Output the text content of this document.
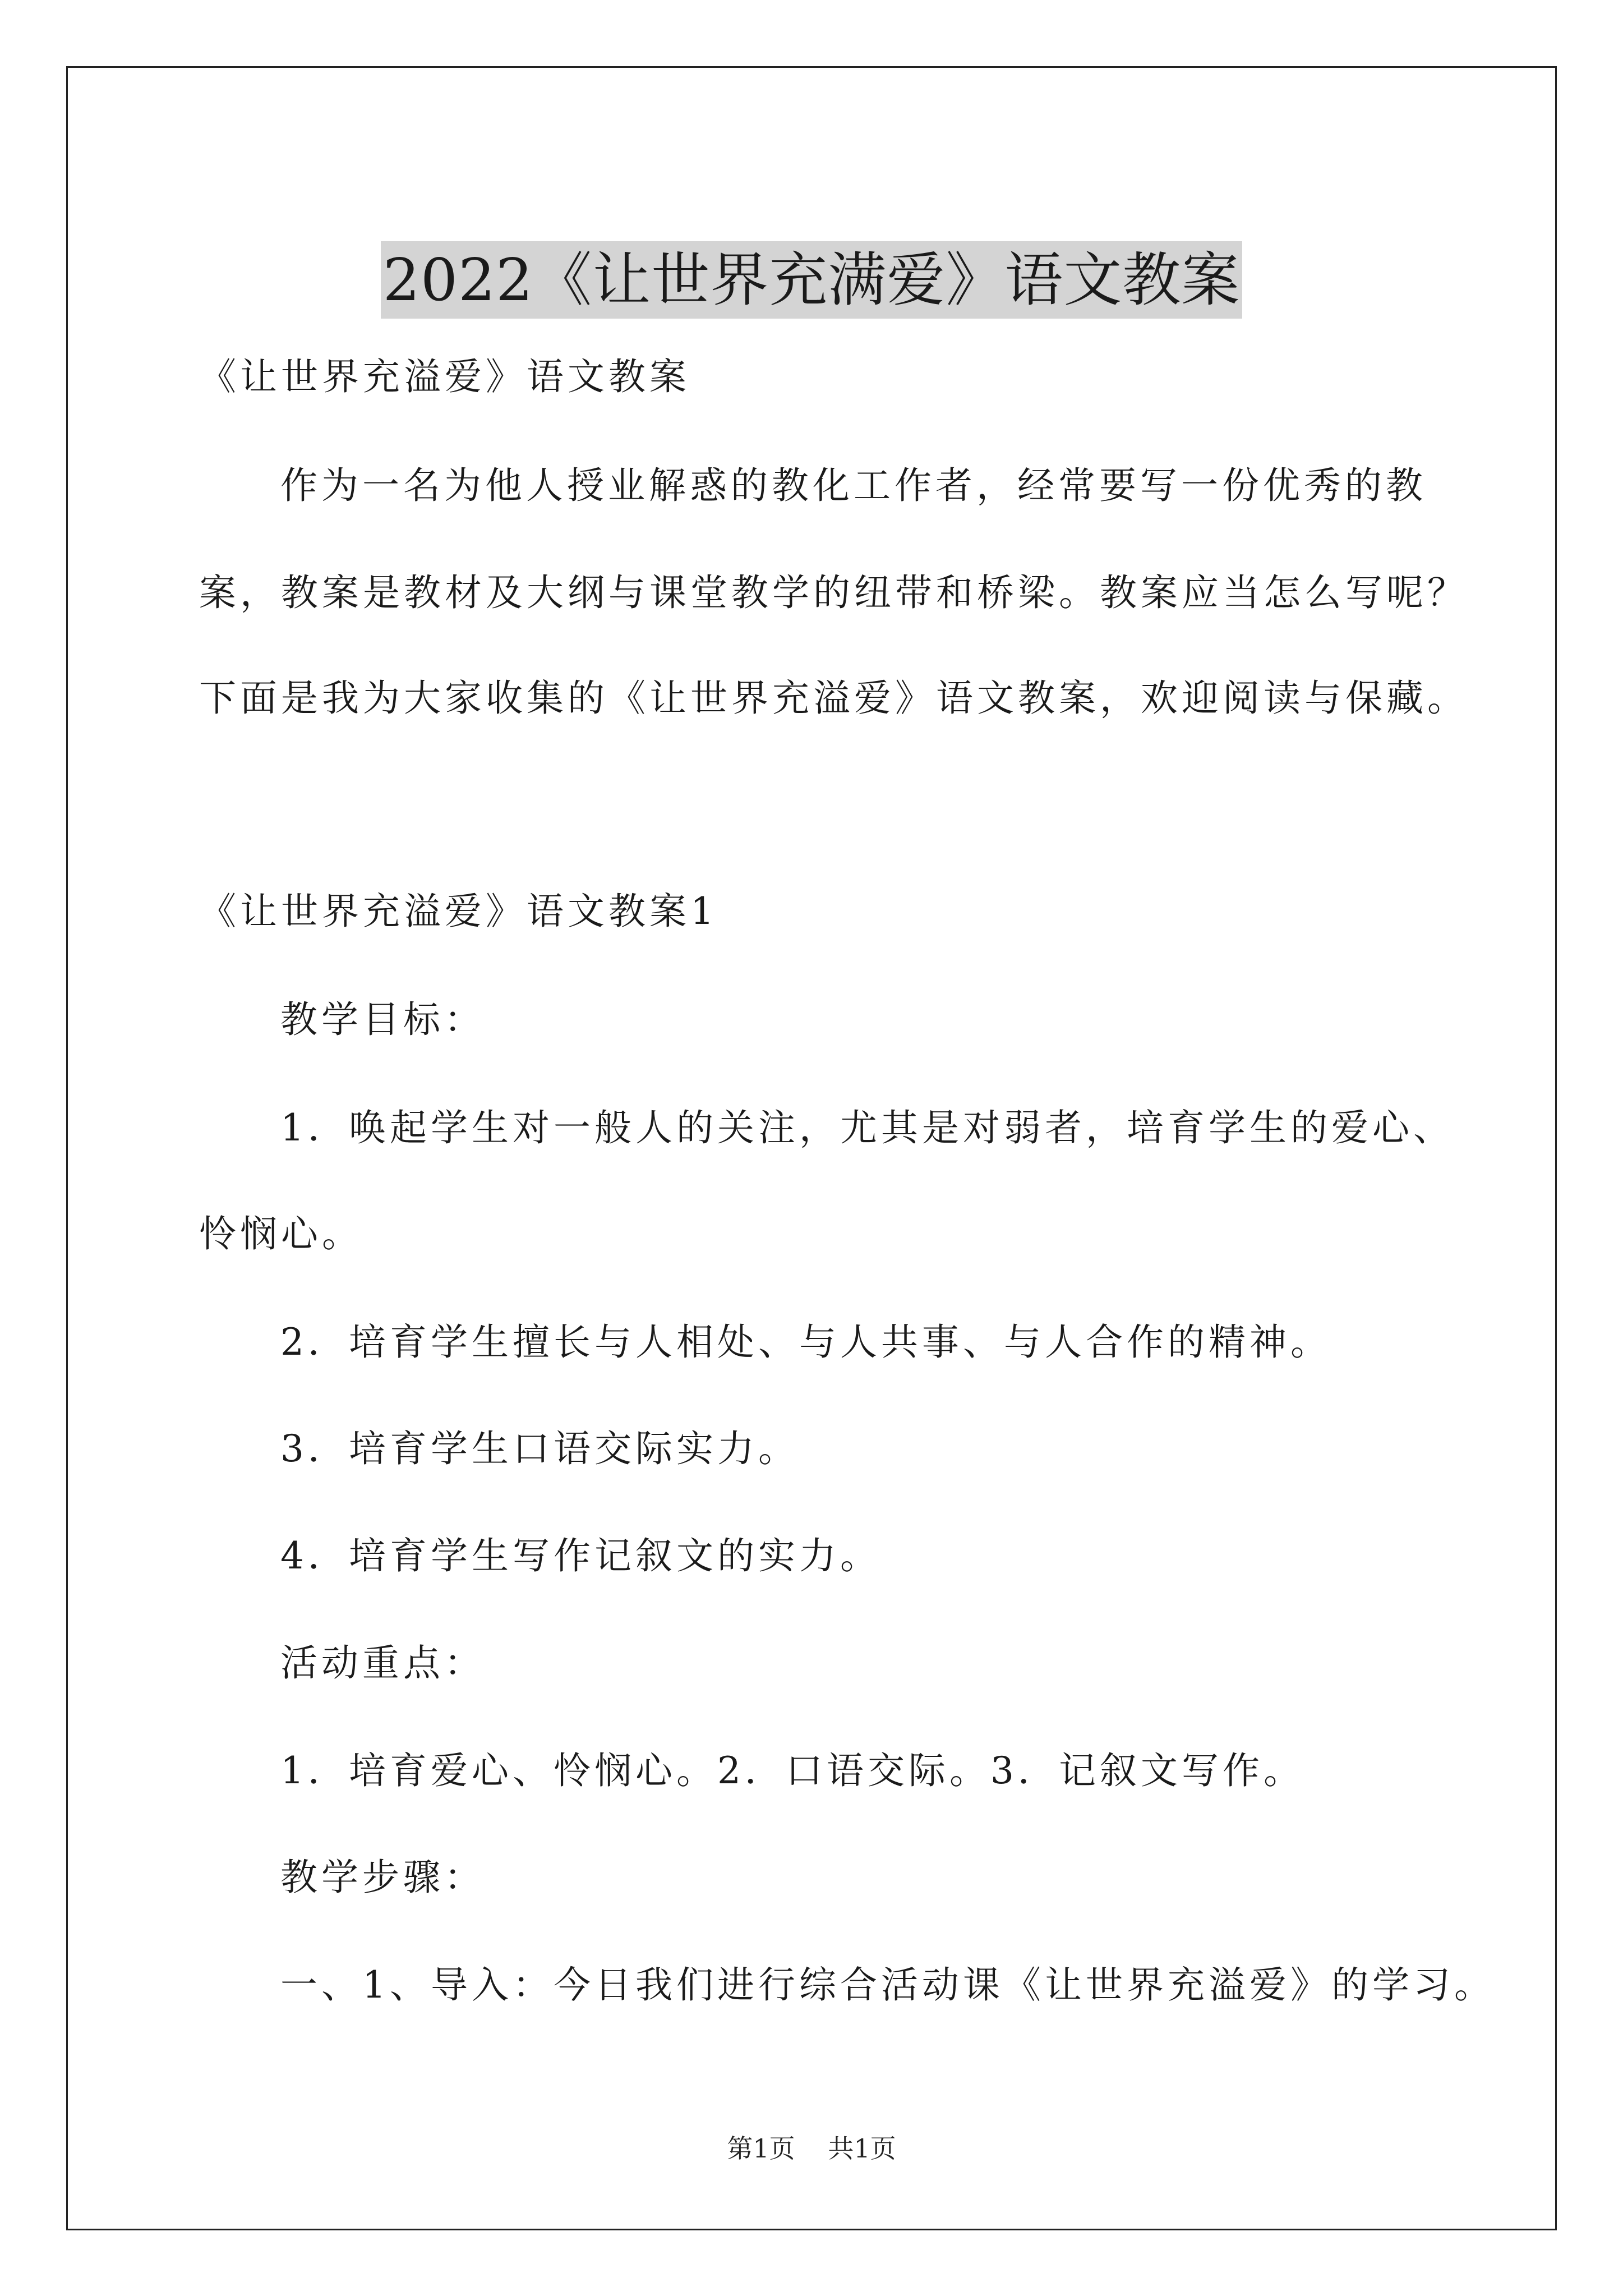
2022《让世界充满爱》语文教案
《让世界充溢爱》语文教案
作为一名为他人授业解惑的教化工作者，经常要写一份优秀的教
案，教案是教材及大纲与课堂教学的纽带和桥梁。教案应当怎么写呢？
下面是我为大家收集的《让世界充溢爱》语文教案，欢迎阅读与保藏。
《让世界充溢爱》语文教案1
教学目标：
1．唤起学生对一般人的关注，尤其是对弱者，培育学生的爱心、
怜悯心。
2．培育学生擅长与人相处、与人共事、与人合作的精神。
3．培育学生口语交际实力。
4．培育学生写作记叙文的实力。
活动重点：
1．培育爱心、怜悯心。2．口语交际。3．记叙文写作。
教学步骤：
一、1、导入：今日我们进行综合活动课《让世界充溢爱》的学习。
第1页 共1页
